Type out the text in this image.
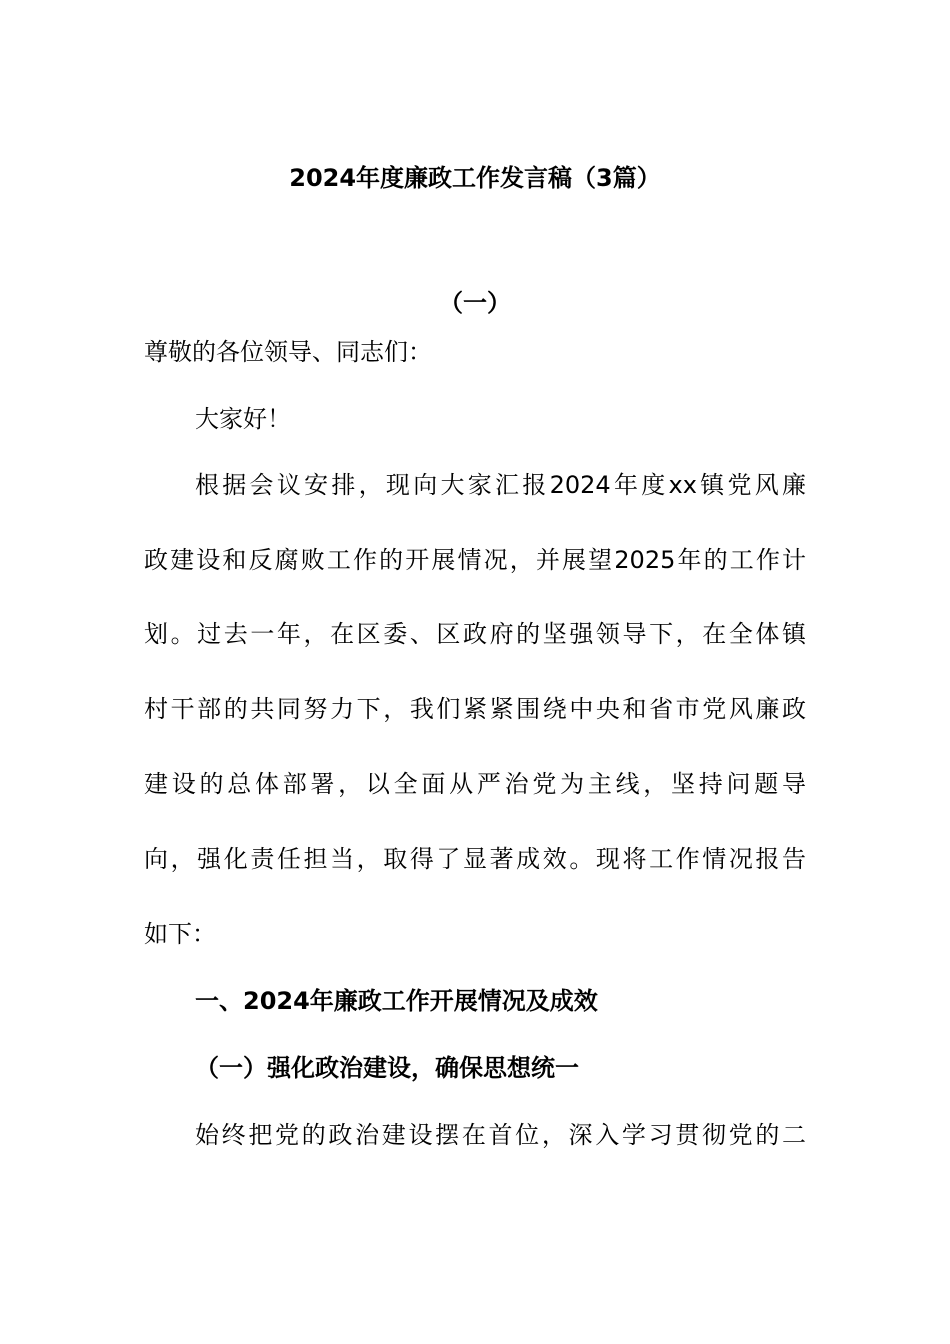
2024年度廉政工作发言稿（3篇）
（一）
尊敬的各位领导、同志们：
大家好！
根据会议安排，现向大家汇报2024年度xx镇党风廉
政建设和反腐败工作的开展情况，并展望2025年的工作计
划。过去一年，在区委、区政府的坚强领导下，在全体镇
村干部的共同努力下，我们紧紧围绕中央和省市党风廉政
建设的总体部署，以全面从严治党为主线，坚持问题导
向，强化责任担当，取得了显著成效。现将工作情况报告
如下：
一、2024年廉政工作开展情况及成效
（一）强化政治建设，确保思想统一
始终把党的政治建设摆在首位，深入学习贯彻党的二
